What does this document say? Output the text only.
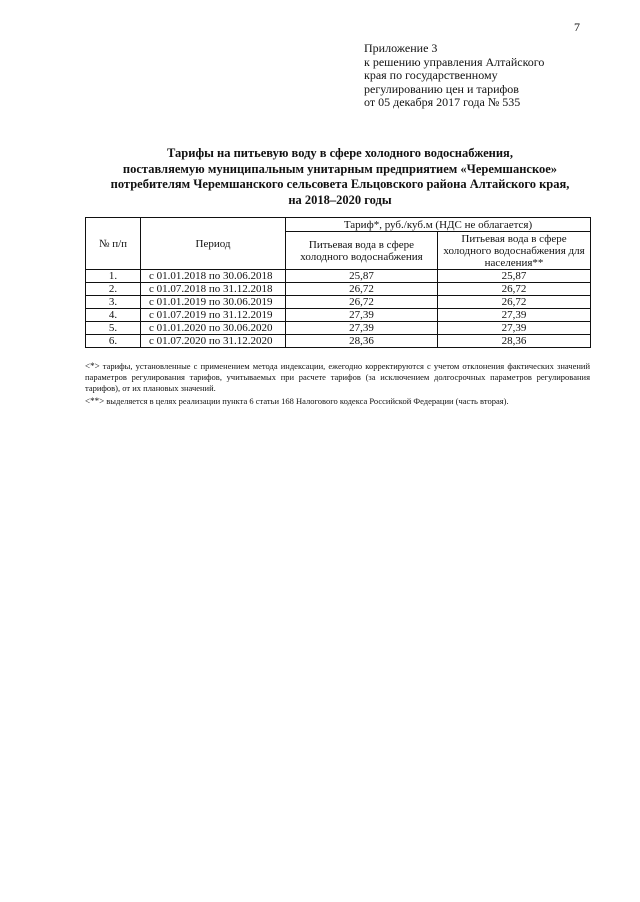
7
Приложение 3
к решению управления Алтайского
края по государственному
регулированию цен и тарифов
от 05 декабря 2017 года № 535
Тарифы на питьевую воду в сфере холодного водоснабжения,
поставляемую муниципальным унитарным предприятием «Черемшанское»
потребителям Черемшанского сельсовета Ельцовского района Алтайского края,
на 2018–2020 годы
№ п/п	Период	Тариф*, руб./куб.м (НДС не облагается)	
		Питьевая вода в сфере холодного водоснабжения	Питьевая вода в сфере холодного водоснабжения для населения**
1.	с 01.01.2018 по 30.06.2018	25,87	25,87
2.	с 01.07.2018 по 31.12.2018	26,72	26,72
3.	с 01.01.2019 по 30.06.2019	26,72	26,72
4.	с 01.07.2019 по 31.12.2019	27,39	27,39
5.	с 01.01.2020 по 30.06.2020	27,39	27,39
6.	с 01.07.2020 по 31.12.2020	28,36	28,36
<*> тарифы, установленные с применением метода индексации, ежегодно корректируются с учетом отклонения фактических значений параметров регулирования тарифов, учитываемых при расчете тарифов (за исключением долгосрочных параметров регулирования тарифов), от их плановых значений.
<**> выделяется в целях реализации пункта 6 статьи 168 Налогового кодекса Российской Федерации (часть вторая).
